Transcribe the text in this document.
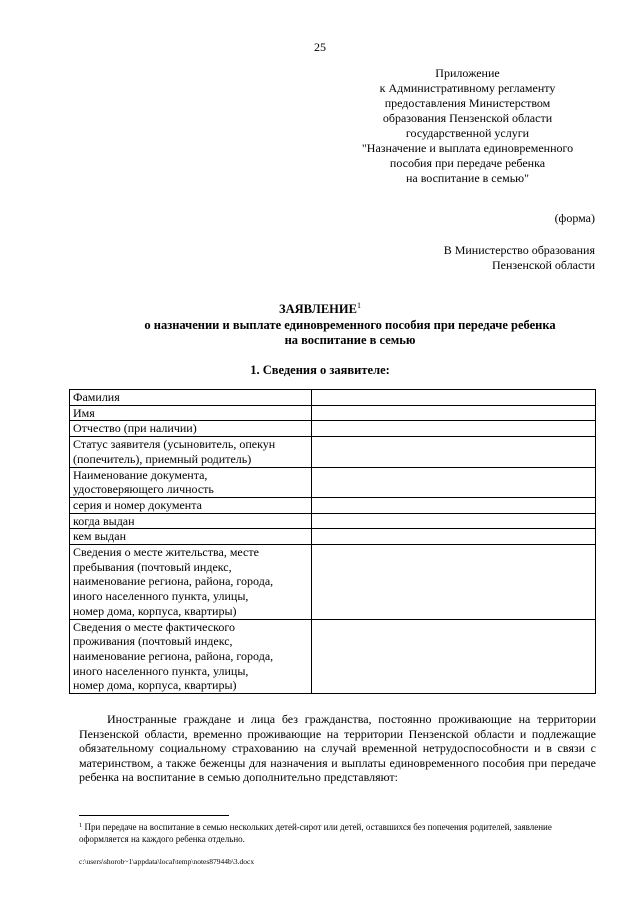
25
Приложение
к Административному регламенту
предоставления Министерством
образования Пензенской области
государственной услуги
"Назначение и выплата единовременного
пособия при передаче ребенка
на воспитание в семью"
(форма)
В Министерство образования
Пензенской области
ЗАЯВЛЕНИЕ$^1$
о назначении и выплате единовременного пособия при передаче ребенка
на воспитание в семью
1. Сведения о заявителе:
Фамилия	

Имя	

Отчество (при наличии)	

Статус заявителя (усыновитель, опекун
(попечитель), приемный родитель)	

Наименование документа,
удостоверяющего личность	

серия и номер документа	

когда выдан	

кем выдан	

Сведения о месте жительства, месте
пребывания (почтовый индекс,
наименование региона, района, города,
иного населенного пункта, улицы,
номер дома, корпуса, квартиры)	

Сведения о месте фактического
проживания (почтовый индекс,
наименование региона, района, города,
иного населенного пункта, улицы,
номер дома, корпуса, квартиры)	

Иностранные граждане и лица без гражданства, постоянно проживающие на территории Пензенской области, временно проживающие на территории Пензенской области и подлежащие обязательному социальному страхованию на случай временной нетрудоспособности и в связи с материнством, а также беженцы для назначения и выплаты единовременного пособия при передаче ребенка на воспитание в семью дополнительно представляют:
$^1$ При передаче на воспитание в семью нескольких детей-сирот или детей, оставшихся без попечения родителей, заявление оформляется на каждого ребенка отдельно.
c:\users\shorob~1\appdata\local\temp\notes87944b\3.docx
